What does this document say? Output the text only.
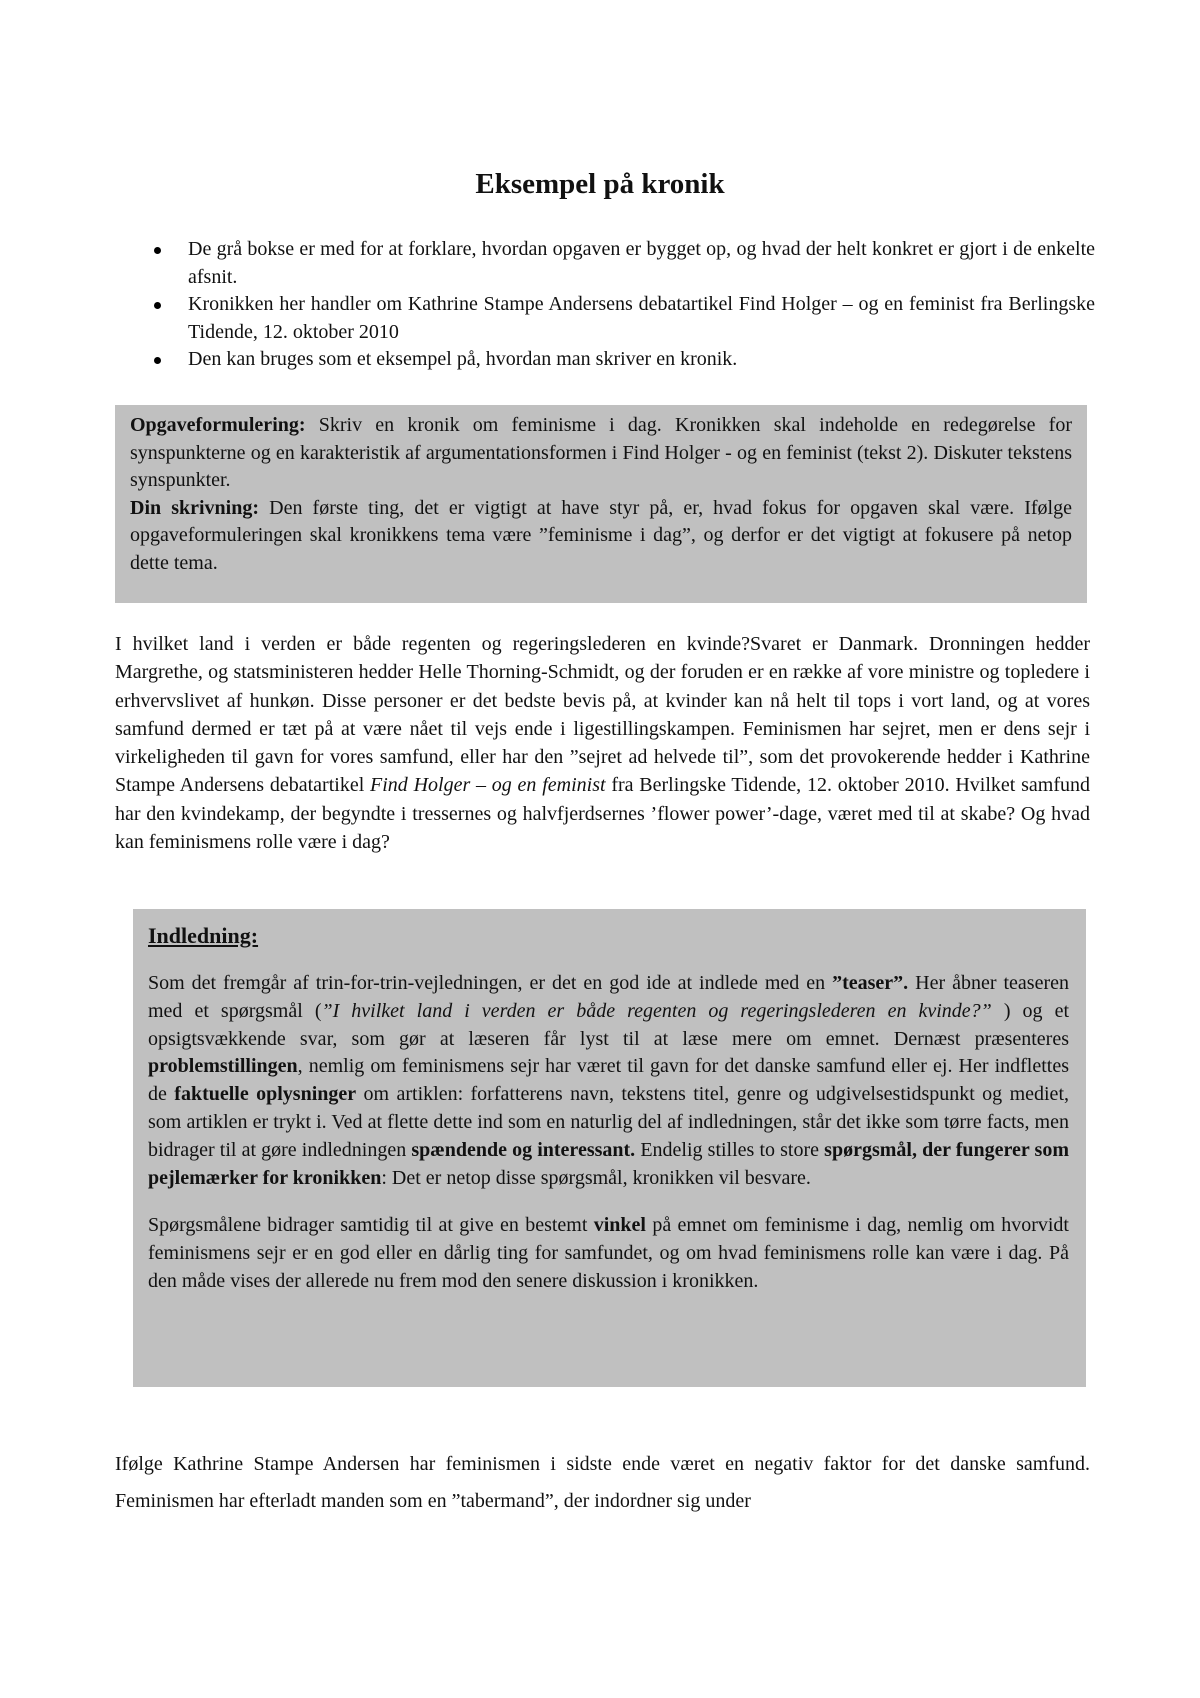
Eksempel på kronik
De grå bokse er med for at forklare, hvordan opgaven er bygget op, og hvad der helt konkret er gjort i de enkelte afsnit.
Kronikken her handler om Kathrine Stampe Andersens debatartikel Find Holger – og en feminist fra Berlingske Tidende, 12. oktober 2010
Den kan bruges som et eksempel på, hvordan man skriver en kronik.

Opgaveformulering: Skriv en kronik om feminisme i dag. Kronikken skal indeholde en redegørelse for synspunkterne og en karakteristik af argumentationsformen i Find Holger - og en feminist (tekst 2). Diskuter tekstens synspunkter.

Din skrivning: Den første ting, det er vigtigt at have styr på, er, hvad fokus for opgaven skal være. Ifølge opgaveformuleringen skal kronikkens tema være ”feminisme i dag”, og derfor er det vigtigt at fokusere på netop dette tema.

I hvilket land i verden er både regenten og regeringslederen en kvinde?Svaret er Danmark. Dronningen hedder Margrethe, og statsministeren hedder Helle Thorning-Schmidt, og der foruden er en række af vore ministre og topledere i erhvervslivet af hunkøn. Disse personer er det bedste bevis på, at kvinder kan nå helt til tops i vort land, og at vores samfund dermed er tæt på at være nået til vejs ende i ligestillingskampen. Feminismen har sejret, men er dens sejr i virkeligheden til gavn for vores samfund, eller har den ”sejret ad helvede til”, som det provokerende hedder i Kathrine Stampe Andersens debatartikel Find Holger – og en feminist fra Berlingske Tidende, 12. oktober 2010. Hvilket samfund har den kvindekamp, der begyndte i tressernes og halvfjerdsernes ’flower power’-dage, været med til at skabe? Og hvad kan feminismens rolle være i dag?

Indledning:

Som det fremgår af trin-for-trin-vejledningen, er det en god ide at indlede med en ”teaser”. Her åbner teaseren med et spørgsmål (”I hvilket land i verden er både regenten og regeringslederen en kvinde?” ) og et opsigtsvækkende svar, som gør at læseren får lyst til at læse mere om emnet. Dernæst præsenteres problemstillingen, nemlig om feminismens sejr har været til gavn for det danske samfund eller ej. Her indflettes de faktuelle oplysninger om artiklen: forfatterens navn, tekstens titel, genre og udgivelsestidspunkt og mediet, som artiklen er trykt i. Ved at flette dette ind som en naturlig del af indledningen, står det ikke som tørre facts, men bidrager til at gøre indledningen spændende og interessant. Endelig stilles to store spørgsmål, der fungerer som pejlemærker for kronikken: Det er netop disse spørgsmål, kronikken vil besvare.

Spørgsmålene bidrager samtidig til at give en bestemt vinkel på emnet om feminisme i dag, nemlig om hvorvidt feminismens sejr er en god eller en dårlig ting for samfundet, og om hvad feminismens rolle kan være i dag. På den måde vises der allerede nu frem mod den senere diskussion i kronikken.

Ifølge Kathrine Stampe Andersen har feminismen i sidste ende været en negativ faktor for det danske samfund. Feminismen har efterladt manden som en ”tabermand”, der indordner sig under
